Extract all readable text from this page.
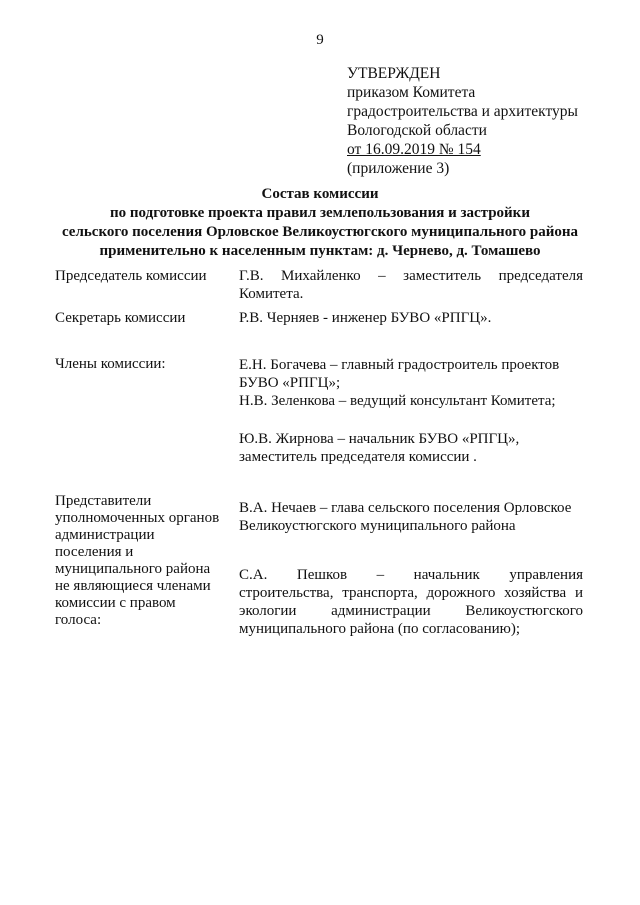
9
УТВЕРЖДЕН
приказом Комитета
градостроительства и архитектуры
Вологодской области
от 16.09.2019 № 154
(приложение 3)
Состав комиссии
по подготовке проекта правил землепользования и застройки
сельского поселения Орловское Великоустюгского муниципального района
применительно к населенным пунктам: д. Чернево, д. Томашево
Председатель комиссии Г.В. Михайленко – заместитель председателя
Комитета.
Секретарь комиссии	Р.В. Черняев - инженер БУВО «РПГЦ».
Члены комиссии:	Е.Н. Богачева – главный градостроитель проектов
БУВО «РПГЦ»;
Н.В. Зеленкова – ведущий консультант Комитета;
Ю.В. Жирнова – начальник БУВО «РПГЦ»,
заместитель председателя комиссии .
Представители
уполномоченных органов
администрации
поселения и
муниципального района
не являющиеся членами
комиссии с правом
голоса:
В.А. Нечаев – глава сельского поселения Орловское
Великоустюгского муниципального района
С.А. Пешков – начальник управления
строительства, транспорта, дорожного хозяйства и
экологии администрации Великоустюгского
муниципального района (по согласованию);
